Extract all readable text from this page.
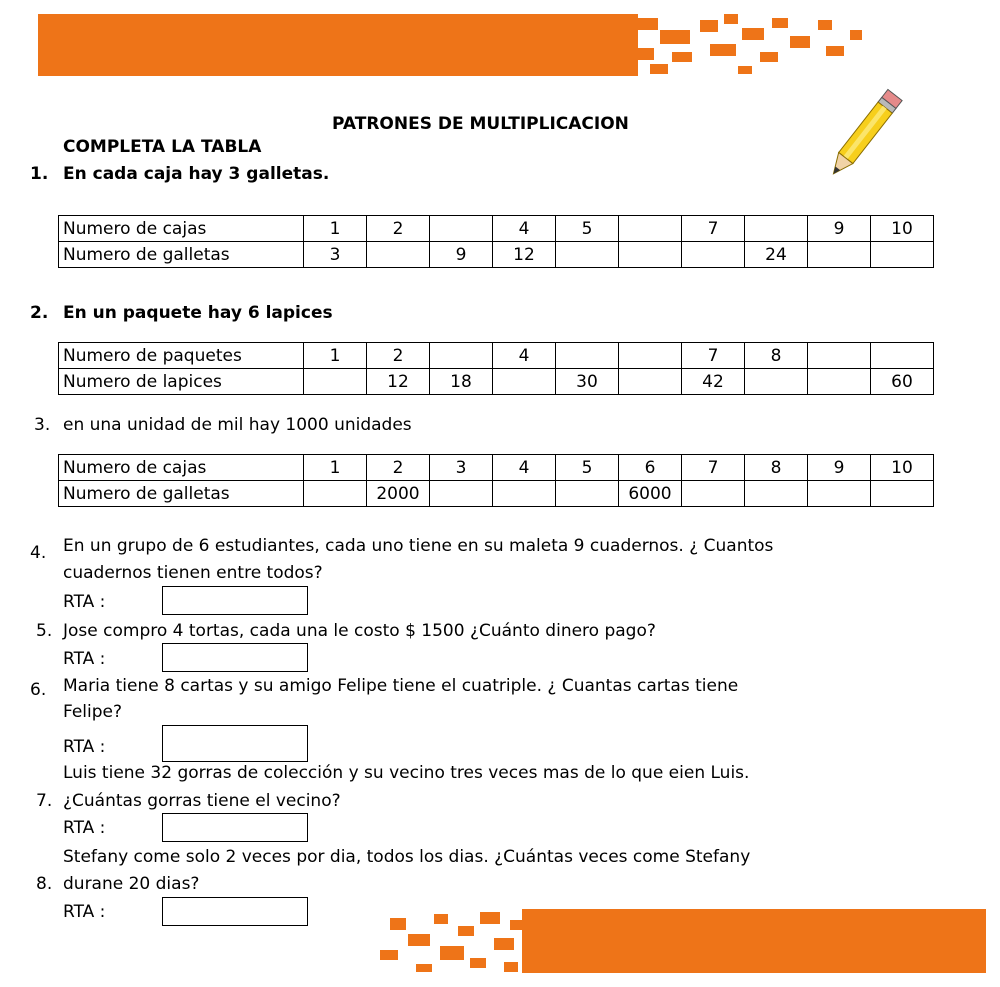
PATRONES DE MULTIPLICACION
COMPLETA LA TABLA
1. En cada caja hay 3 galletas.
Numero de cajas	1	2		4	5		7		9	10
Numero de galletas	3		9	12				24		
2. En un paquete hay 6 lapices
Numero de paquetes	1	2		4			7	8		
Numero de lapices		12	18		30		42			60
3. en una unidad de mil hay 1000 unidades
Numero de cajas	1	2	3	4	5	6	7	8	9	10
Numero de galletas		2000				6000				
4. En un grupo de 6 estudiantes, cada uno tiene en su maleta 9 cuadernos. ¿ Cuantos
cuadernos tienen entre todos?
RTA :
5. Jose compro 4 tortas, cada una le costo $ 1500 ¿Cuánto dinero pago?
RTA :
6. Maria tiene 8 cartas y su amigo Felipe tiene el cuatriple. ¿ Cuantas cartas tiene
Felipe?
RTA :
Luis tiene 32 gorras de colección y su vecino tres veces mas de lo que eien Luis.
7. ¿Cuántas gorras tiene el vecino?
RTA :
Stefany come solo 2 veces por dia, todos los dias. ¿Cuántas veces come Stefany
8. durane 20 dias?
RTA :
